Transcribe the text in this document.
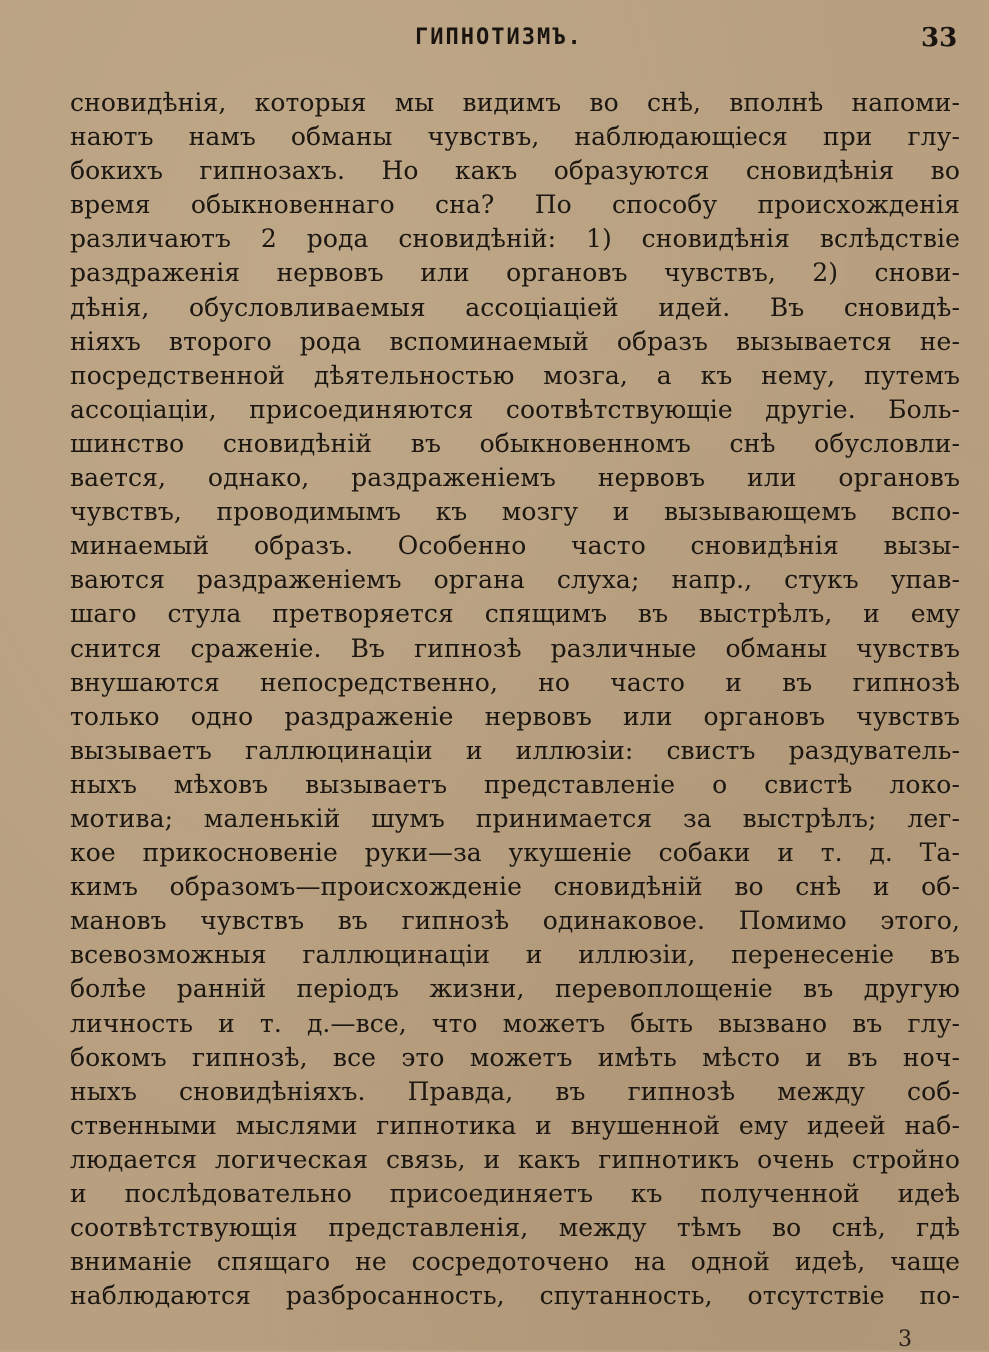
ГИПНОТИЗМЪ.	33
сновидѣнія, которыя мы видимъ во снѣ, вполнѣ напоми-
наютъ намъ обманы чувствъ, наблюдающіеся при глу-
бокихъ гипнозахъ. Но какъ образуются сновидѣнія во
время обыкновеннаго сна? По способу происхожденія
различаютъ 2 рода сновидѣній: 1) сновидѣнія вслѣдствіе
раздраженія нервовъ или органовъ чувствъ, 2) снови-
дѣнія, обусловливаемыя ассоціаціей идей. Въ сновидѣ-
ніяхъ второго рода вспоминаемый образъ вызывается не-
посредственной дѣятельностью мозга, а къ нему, путемъ
ассоціаціи, присоединяются соотвѣтствующіе другіе. Боль-
шинство сновидѣній въ обыкновенномъ снѣ обусловли-
вается, однако, раздраженіемъ нервовъ или органовъ
чувствъ, проводимымъ къ мозгу и вызывающемъ вспо-
минаемый образъ. Особенно часто сновидѣнія вызы-
ваются раздраженіемъ органа слуха; напр., стукъ упав-
шаго стула претворяется спящимъ въ выстрѣлъ, и ему
снится сраженіе. Въ гипнозѣ различные обманы чувствъ
внушаются непосредственно, но часто и въ гипнозѣ
только одно раздраженіе нервовъ или органовъ чувствъ
вызываетъ галлюцинаціи и иллюзіи: свистъ раздуватель-
ныхъ мѣховъ вызываетъ представленіе о свистѣ локо-
мотива; маленькій шумъ принимается за выстрѣлъ; лег-
кое прикосновеніе руки—за укушеніе собаки и т. д. Та-
кимъ образомъ—происхожденіе сновидѣній во снѣ и об-
мановъ чувствъ въ гипнозѣ одинаковое. Помимо этого,
всевозможныя галлюцинаціи и иллюзіи, перенесеніе въ
болѣе ранній періодъ жизни, перевоплощеніе въ другую
личность и т. д.—все, что можетъ быть вызвано въ глу-
бокомъ гипнозѣ, все это можетъ имѣть мѣсто и въ ноч-
ныхъ сновидѣніяхъ. Правда, въ гипнозѣ между соб-
ственными мыслями гипнотика и внушенной ему идеей наб-
людается логическая связь, и какъ гипнотикъ очень стройно
и послѣдовательно присоединяетъ къ полученной идеѣ
соотвѣтствующія представленія, между тѣмъ во снѣ, гдѣ
вниманіе спящаго не сосредоточено на одной идеѣ, чаще
наблюдаются разбросанность, спутанность, отсутствіе по-
3
